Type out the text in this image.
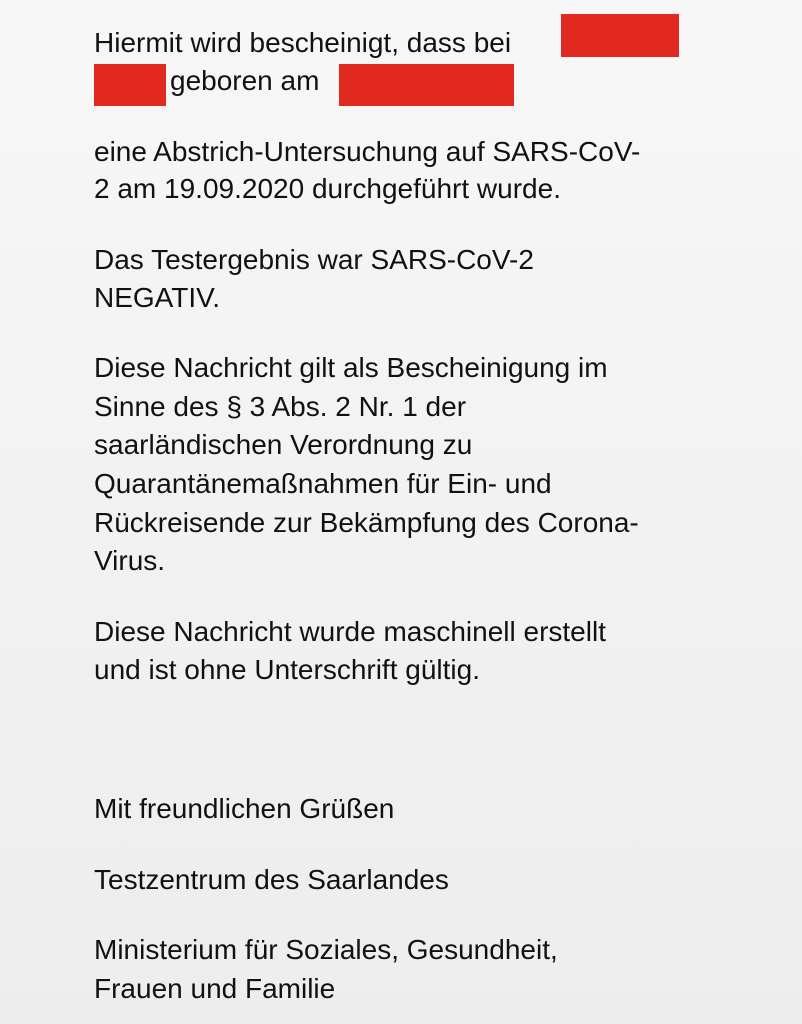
Hiermit wird bescheinigt, dass bei

geboren am

eine Abstrich-Untersuchung auf SARS-CoV-

2 am 19.09.2020 durchgeführt wurde.

Das Testergebnis war SARS-CoV-2

NEGATIV.

Diese Nachricht gilt als Bescheinigung im

Sinne des § 3 Abs. 2 Nr. 1 der

saarländischen Verordnung zu

Quarantänemaßnahmen für Ein- und

Rückreisende zur Bekämpfung des Corona-

Virus.

Diese Nachricht wurde maschinell erstellt

und ist ohne Unterschrift gültig.

Mit freundlichen Grüßen

Testzentrum des Saarlandes

Ministerium für Soziales, Gesundheit,

Frauen und Familie
